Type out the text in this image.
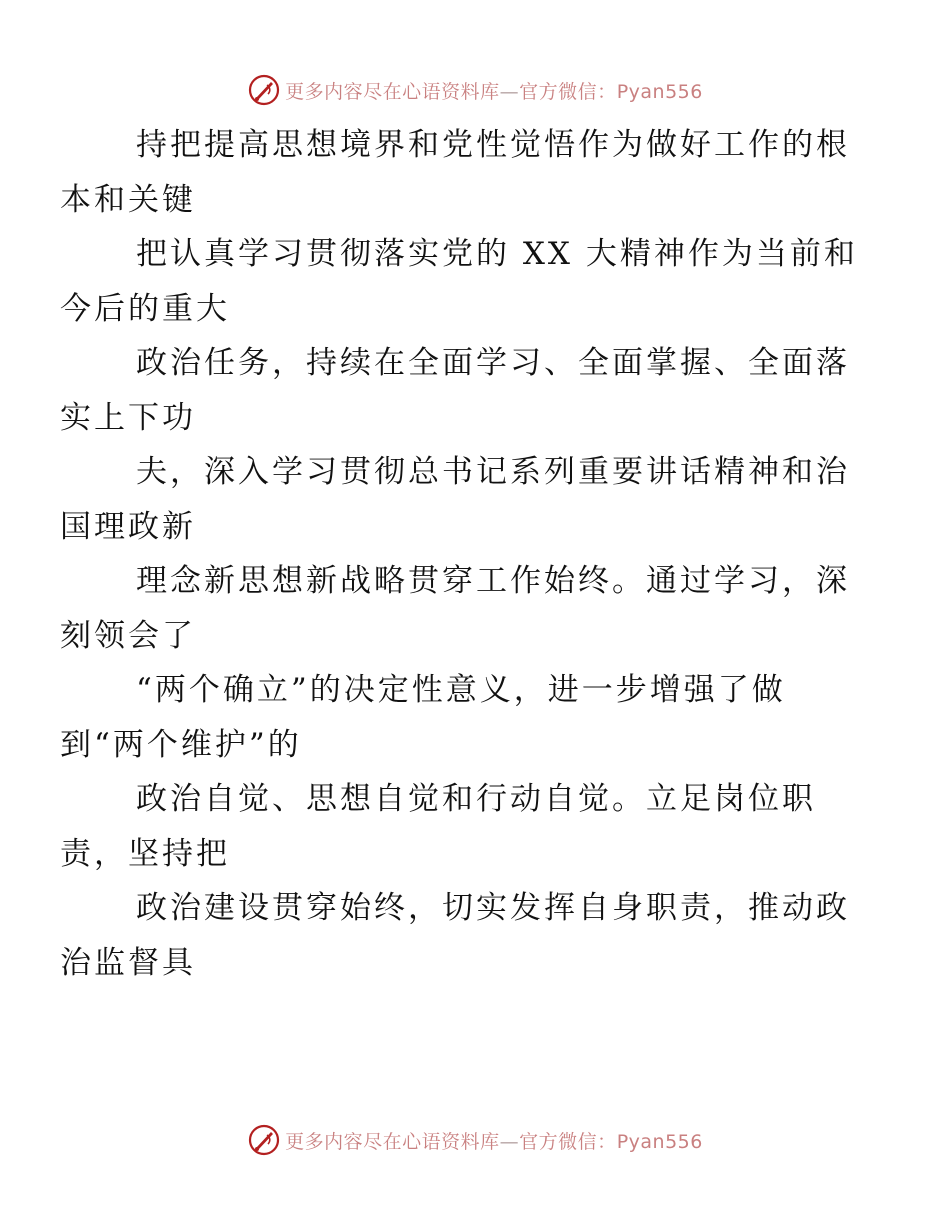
更多内容尽在心语资料库—官方微信：Pyan556

持把提高思想境界和党性觉悟作为做好工作的根
本和关键

把认真学习贯彻落实党的 XX 大精神作为当前和
今后的重大

政治任务，持续在全面学习、全面掌握、全面落
实上下功

夫，深入学习贯彻总书记系列重要讲话精神和治
国理政新

理念新思想新战略贯穿工作始终。通过学习，深
刻领会了

“两个确立”的决定性意义，进一步增强了做
到“两个维护”的

政治自觉、思想自觉和行动自觉。立足岗位职
责，坚持把

政治建设贯穿始终，切实发挥自身职责，推动政
治监督具

更多内容尽在心语资料库—官方微信：Pyan556
